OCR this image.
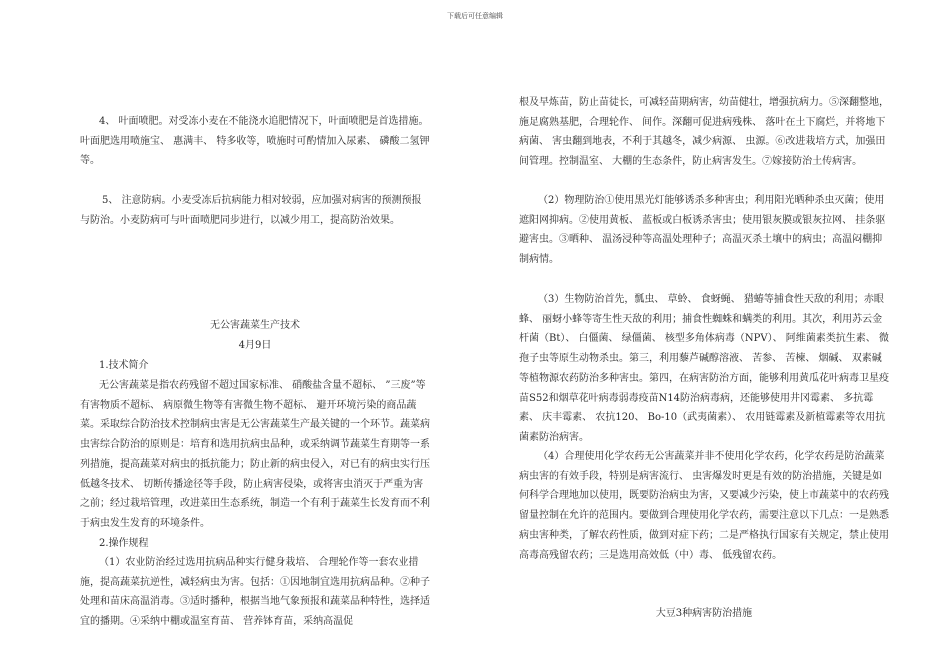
下载后可任意编辑

4、 叶面喷肥。对受冻小麦在不能浇水追肥情况下，叶面喷肥是首选措施。叶面肥选用喷施宝、 惠满丰、 特多收等，喷施时可酌情加入尿素、 磷酸二氢钾等。

5、 注意防病。小麦受冻后抗病能力相对较弱，应加强对病害的预测预报与防治。小麦防病可与叶面喷肥同步进行，以减少用工，提高防治效果。

无公害蔬菜生产技术

4月9日

1.技术简介

无公害蔬菜是指农药残留不超过国家标准、 硝酸盐含量不超标、 ”三废”等有害物质不超标、 病原微生物等有害微生物不超标、 避开环境污染的商品蔬菜。采取综合防治技术控制病虫害是无公害蔬菜生产最关键的一个环节。蔬菜病虫害综合防治的原则是：培育和选用抗病虫品种，或采纳调节蔬菜生育期等一系列措施，提高蔬菜对病虫的抵抗能力；防止新的病虫侵入，对已有的病虫实行压低越冬技术、 切断传播途径等手段，防止病害侵染，或将害虫消灭于严重为害之前；经过栽培管理，改进菜田生态系统，制造一个有利于蔬菜生长发育而不利于病虫发生发育的环境条件。

2.操作规程

（1）农业防治经过选用抗病品种实行健身栽培、 合理轮作等一套农业措施，提高蔬菜抗逆性，减轻病虫为害。包括：①因地制宜选用抗病品种。②种子处理和苗床高温消毒。③适时播种，根据当地气象预报和蔬菜品种特性，选择适宜的播期。④采纳中棚或温室育苗、 营养钵育苗，采纳高温促

根及早炼苗，防止苗徒长，可减轻苗期病害，幼苗健壮，增强抗病力。⑤深翻整地，施足腐熟基肥，合理轮作、 间作。深翻可促进病残株、 落叶在土下腐烂，并将地下病菌、 害虫翻到地表，不利于其越冬，减少病源、 虫源。⑥改进栽培方式，加强田间管理。控制温室、 大棚的生态条件，防止病害发生。⑦嫁接防治土传病害。

（2）物理防治①使用黑光灯能够诱杀多种害虫；利用阳光晒种杀虫灭菌；使用遮阳网抑病。②使用黄板、 蓝板或白板诱杀害虫；使用银灰膜或银灰拉网、 挂条驱避害虫。③晒种、 温汤浸种等高温处理种子；高温灭杀土壤中的病虫；高温闷棚抑制病情。

（3）生物防治首先，瓢虫、 草蛉、 食蚜蝇、 猎蝽等捕食性天敌的利用；赤眼蜂、 丽蚜小蜂等寄生性天敌的利用；捕食性蜘蛛和螨类的利用。其次，利用苏云金杆菌（Bt）、 白僵菌、 绿僵菌、 核型多角体病毒（NPV）、 阿维菌素类抗生素、 微孢子虫等原生动物杀虫。第三，利用藜芦碱醇溶液、 苦参、 苦楝、 烟碱、 双素碱等植物源农药防治多种害虫。第四，在病害防治方面，能够利用黄瓜花叶病毒卫星疫苗S52和烟草花叶病毒弱毒疫苗N14防治病毒病，还能够使用井冈霉素、 多抗霉素、 庆丰霉素、 农抗120、 Bo-10（武夷菌素）、 农用链霉素及新植霉素等农用抗菌素防治病害。

（4）合理使用化学农药无公害蔬菜并非不使用化学农药，化学农药是防治蔬菜病虫害的有效手段，特别是病害流行、 虫害爆发时更是有效的防治措施，关键是如何科学合理地加以使用，既要防治病虫为害，又要减少污染，使上市蔬菜中的农药残留量控制在允许的范围内。要做到合理使用化学农药，需要注意以下几点：一是熟悉病虫害种类，了解农药性质，做到对症下药；二是严格执行国家有关规定，禁止使用高毒高残留农药；三是选用高效低（中）毒、 低残留农药。

大豆3种病害防治措施
